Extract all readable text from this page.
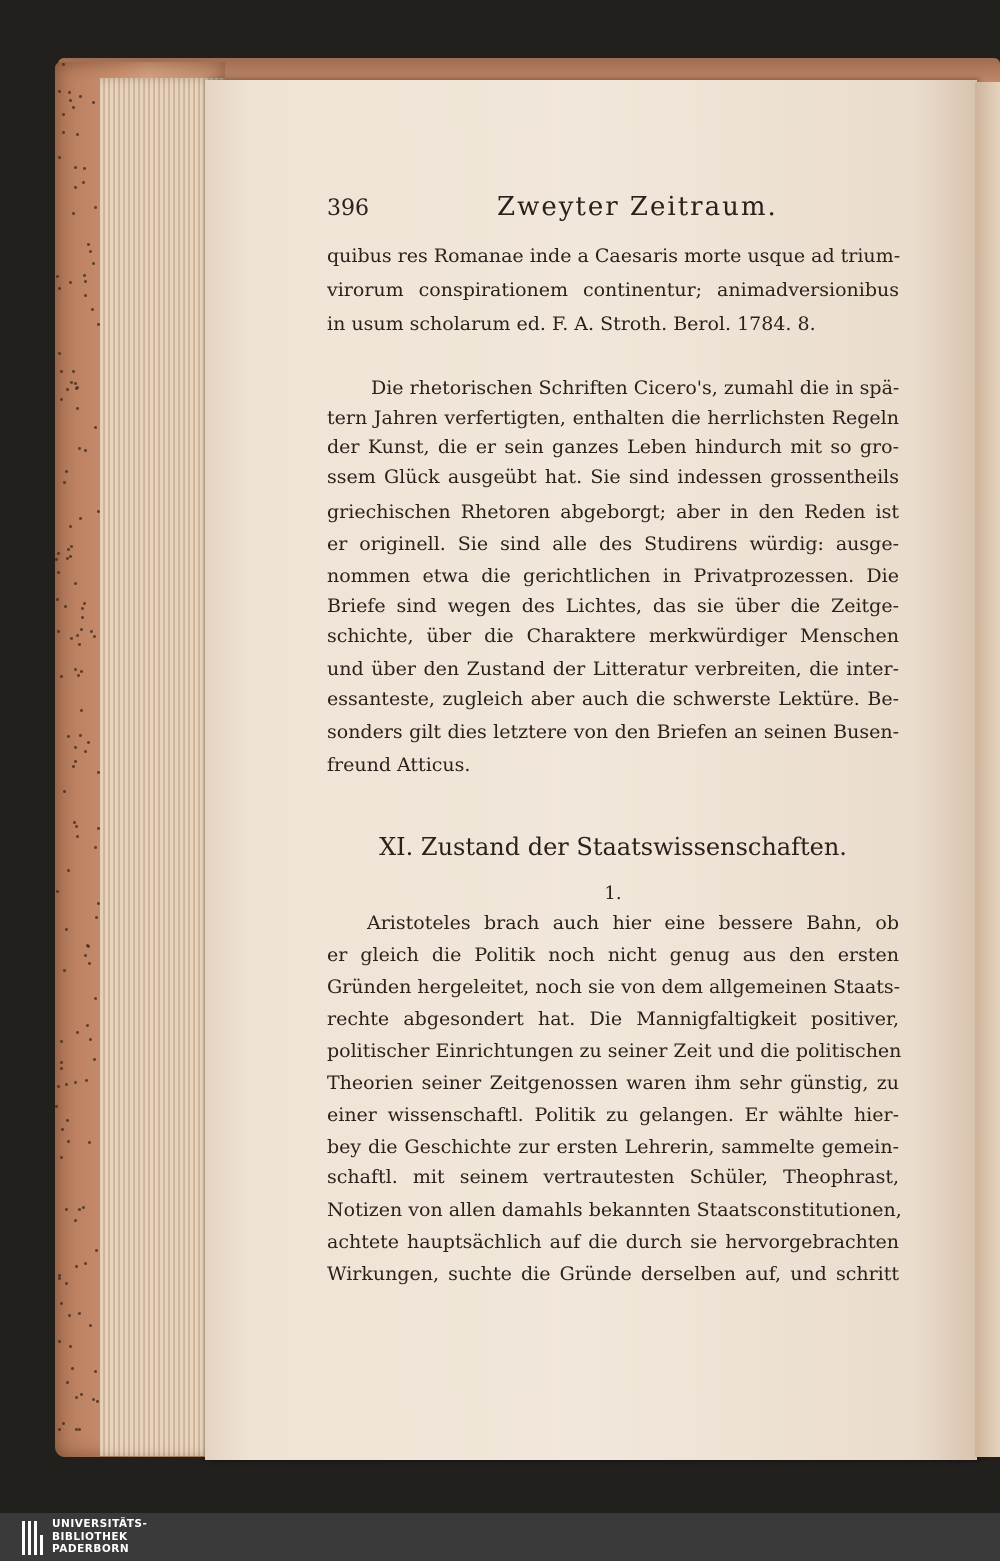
396	Zweyter Zeitraum.
quibus res Romanae inde a Caesaris morte usque ad trium-
virorum conspirationem continentur; animadversionibus
in usum scholarum ed. F. A. Stroth. Berol. 1784. 8.
Die rhetorischen Schriften Cicero's, zumahl die in spä-
tern Jahren verfertigten, enthalten die herrlichsten Regeln
der Kunst, die er sein ganzes Leben hindurch mit so gro-
ssem Glück ausgeübt hat. Sie sind indessen grossentheils
griechischen Rhetoren abgeborgt; aber in den Reden ist
er originell. Sie sind alle des Studirens würdig: ausge-
nommen etwa die gerichtlichen in Privatprozessen. Die
Briefe sind wegen des Lichtes, das sie über die Zeitge-
schichte, über die Charaktere merkwürdiger Menschen
und über den Zustand der Litteratur verbreiten, die inter-
essanteste, zugleich aber auch die schwerste Lektüre. Be-
sonders gilt dies letztere von den Briefen an seinen Busen-
freund Atticus.
XI. Zustand der Staatswissenschaften.
1.
Aristoteles brach auch hier eine bessere Bahn, ob
er gleich die Politik noch nicht genug aus den ersten
Gründen hergeleitet, noch sie von dem allgemeinen Staats-
rechte abgesondert hat. Die Mannigfaltigkeit positiver,
politischer Einrichtungen zu seiner Zeit und die politischen
Theorien seiner Zeitgenossen waren ihm sehr günstig, zu
einer wissenschaftl. Politik zu gelangen. Er wählte hier-
bey die Geschichte zur ersten Lehrerin, sammelte gemein-
schaftl. mit seinem vertrautesten Schüler, Theophrast,
Notizen von allen damahls bekannten Staatsconstitutionen,
achtete hauptsächlich auf die durch sie hervorgebrachten
Wirkungen, suchte die Gründe derselben auf, und schritt
UNIVERSITÄTS-
BIBLIOTHEK
PADERBORN
